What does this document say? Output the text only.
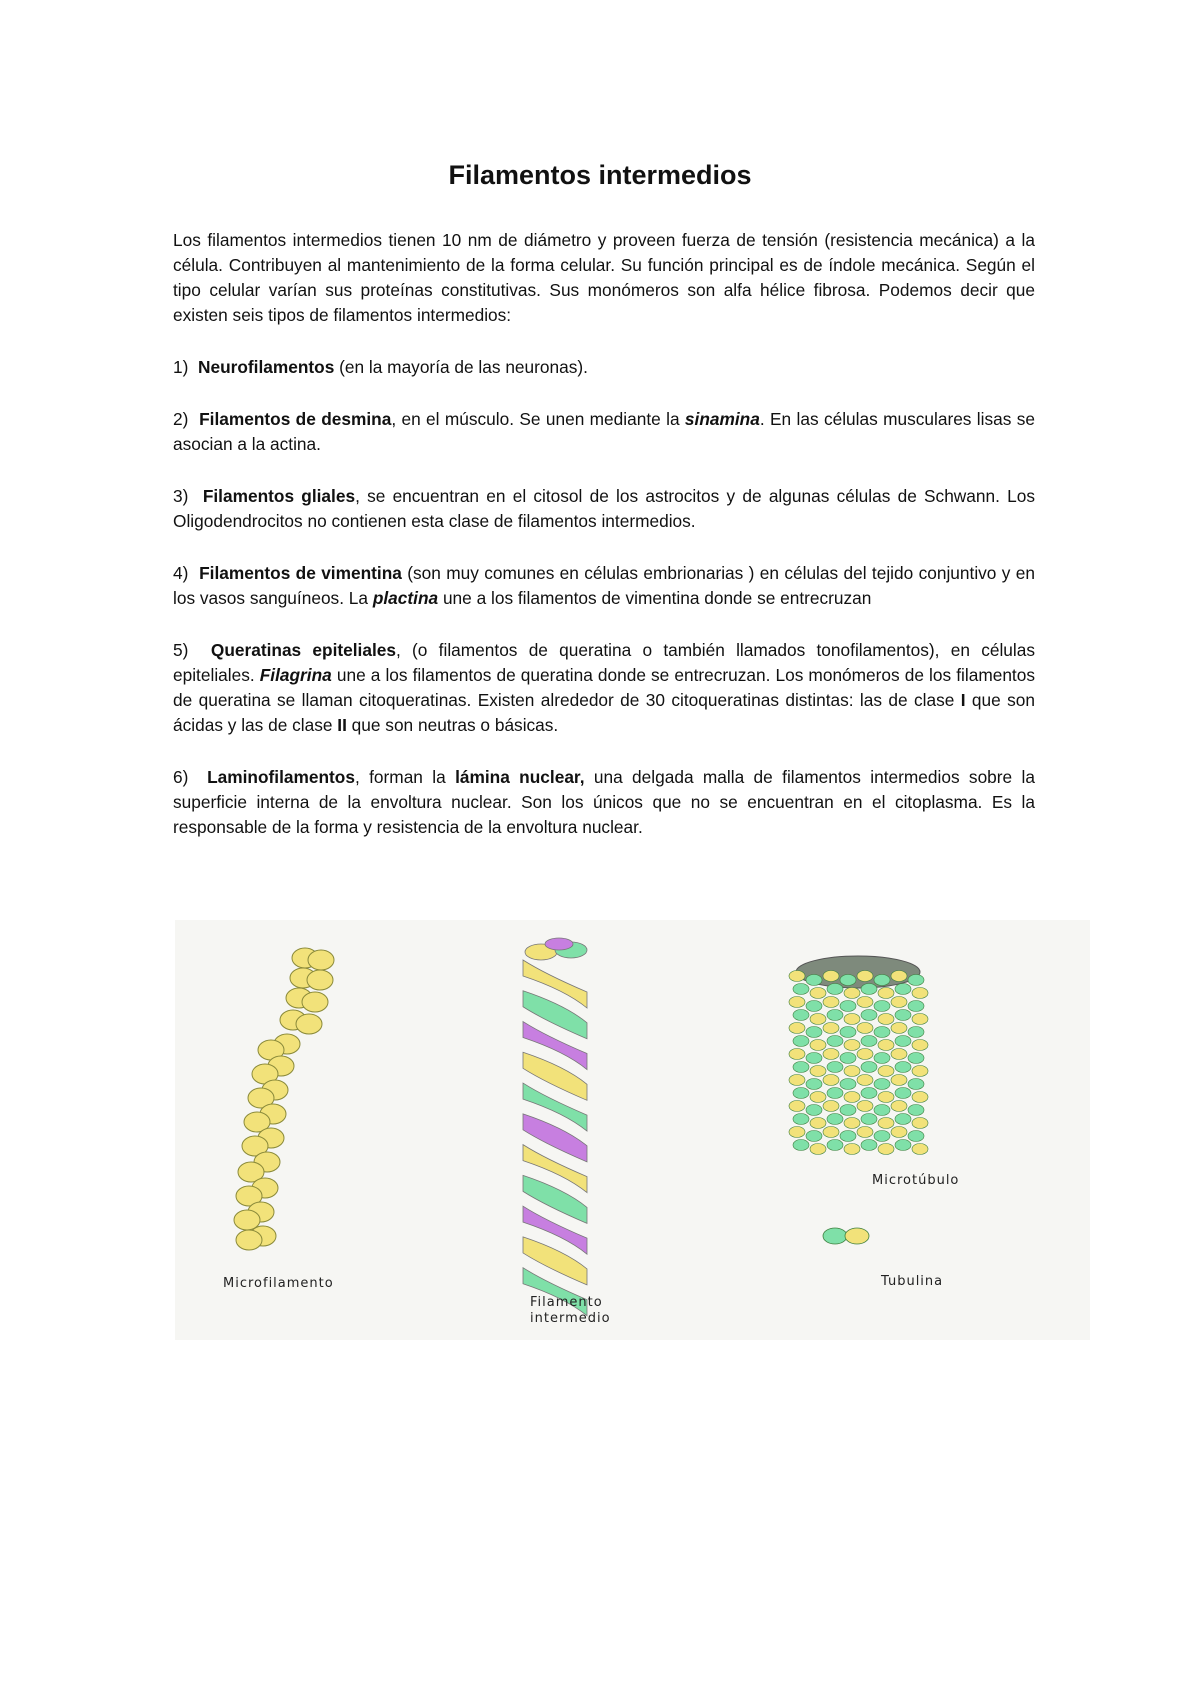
Filamentos intermedios

Los filamentos intermedios tienen 10 nm de diámetro y proveen fuerza de tensión (resistencia mecánica) a la célula. Contribuyen al mantenimiento de la forma celular. Su función principal es de índole mecánica. Según el tipo celular varían sus proteínas constitutivas. Sus monómeros son alfa hélice fibrosa. Podemos decir que existen seis tipos de filamentos intermedios:

1) Neurofilamentos (en la mayoría de las neuronas).

2) Filamentos de desmina, en el músculo. Se unen mediante la sinamina. En las células musculares lisas se asocian a la actina.

3) Filamentos gliales, se encuentran en el citosol de los astrocitos y de algunas células de Schwann. Los Oligodendrocitos no contienen esta clase de filamentos intermedios.

4) Filamentos de vimentina (son muy comunes en células embrionarias ) en células del tejido conjuntivo y en los vasos sanguíneos. La plactina une a los filamentos de vimentina donde se entrecruzan

5) Queratinas epiteliales, (o filamentos de queratina o también llamados tonofilamentos), en células epiteliales. Filagrina une a los filamentos de queratina donde se entrecruzan. Los monómeros de los filamentos de queratina se llaman citoqueratinas. Existen alrededor de 30 citoqueratinas distintas: las de clase I que son ácidas y las de clase II que son neutras o básicas.

6) Laminofilamentos, forman la lámina nuclear, una delgada malla de filamentos intermedios sobre la superficie interna de la envoltura nuclear. Son los únicos que no se encuentran en el citoplasma. Es la responsable de la forma y resistencia de la envoltura nuclear.

Microfilamento
Filamento
intermedio
Microtúbulo
Tubulina
